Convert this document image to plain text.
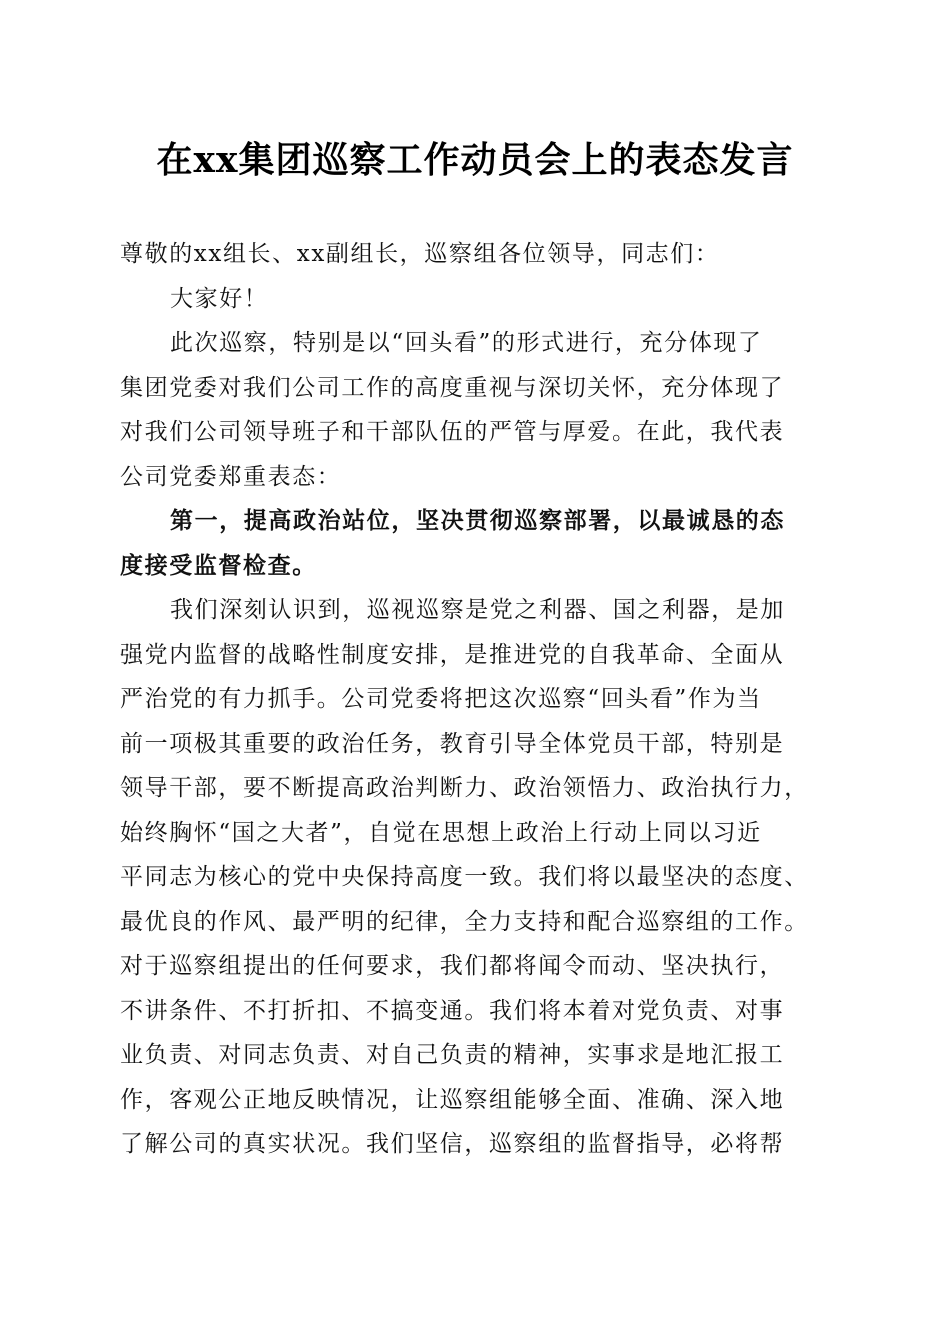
在xx集团巡察工作动员会上的表态发言
尊敬的xx组长、xx副组长，巡察组各位领导，同志们：
大家好！
此次巡察，特别是以“回头看”的形式进行，充分体现了
集团党委对我们公司工作的高度重视与深切关怀，充分体现了
对我们公司领导班子和干部队伍的严管与厚爱。在此，我代表
公司党委郑重表态：
第一，提高政治站位，坚决贯彻巡察部署，以最诚恳的态
度接受监督检查。
我们深刻认识到，巡视巡察是党之利器、国之利器，是加
强党内监督的战略性制度安排，是推进党的自我革命、全面从
严治党的有力抓手。公司党委将把这次巡察“回头看”作为当
前一项极其重要的政治任务，教育引导全体党员干部，特别是
领导干部，要不断提高政治判断力、政治领悟力、政治执行力，
始终胸怀“国之大者”，自觉在思想上政治上行动上同以习近
平同志为核心的党中央保持高度一致。我们将以最坚决的态度、
最优良的作风、最严明的纪律，全力支持和配合巡察组的工作。
对于巡察组提出的任何要求，我们都将闻令而动、坚决执行，
不讲条件、不打折扣、不搞变通。我们将本着对党负责、对事
业负责、对同志负责、对自己负责的精神，实事求是地汇报工
作，客观公正地反映情况，让巡察组能够全面、准确、深入地
了解公司的真实状况。我们坚信，巡察组的监督指导，必将帮
